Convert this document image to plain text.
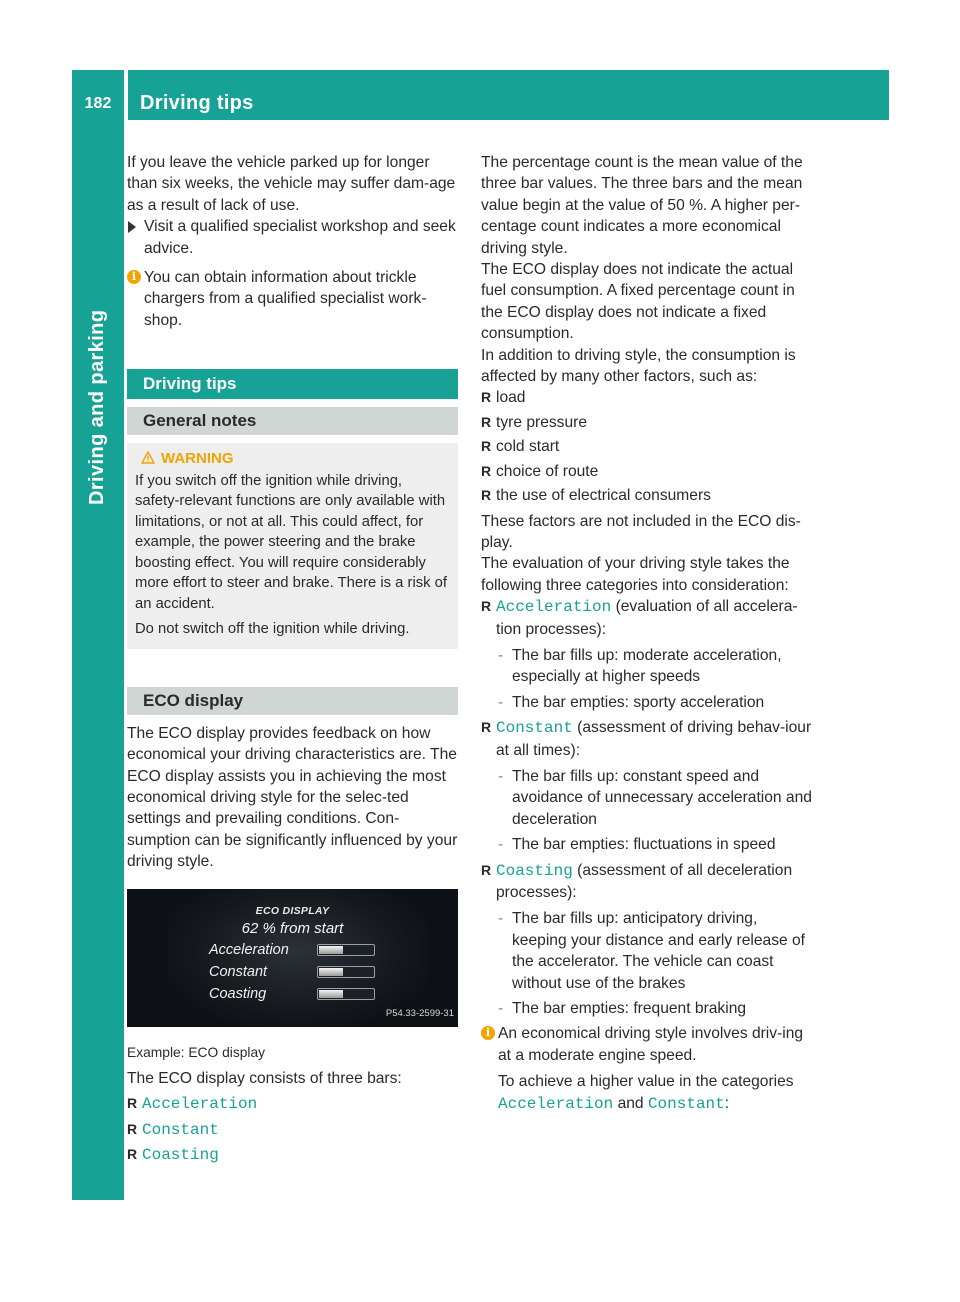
182	Driving tips
Driving and parking

If you leave the vehicle parked up for longer than six weeks, the vehicle may suffer dam-age as a result of lack of use.

Visit a qualified specialist workshop and seek advice.
i You can obtain information about trickle chargers from a qualified specialist work-shop.

Driving tips
General notes
WARNING

If you switch off the ignition while driving, safety-relevant functions are only available with limitations, or not at all. This could affect, for example, the power steering and the brake boosting effect. You will require considerably more effort to steer and brake. There is a risk of an accident.

Do not switch off the ignition while driving.

ECO display

The ECO display provides feedback on how economical your driving characteristics are. The ECO display assists you in achieving the most economical driving style for the selec-ted settings and prevailing conditions. Con-sumption can be significantly influenced by your driving style.

ECO DISPLAY
62 % from start
Acceleration
Constant
Coasting
P54.33-2599-31

Example: ECO display

The ECO display consists of three bars:

R Acceleration
R Constant
R Coasting

The percentage count is the mean value of the three bar values. The three bars and the mean value begin at the value of 50 %. A higher per-centage count indicates a more economical driving style.

The ECO display does not indicate the actual fuel consumption. A fixed percentage count in the ECO display does not indicate a fixed consumption.

In addition to driving style, the consumption is affected by many other factors, such as:

R load
R tyre pressure
R cold start
R choice of route
R the use of electrical consumers

These factors are not included in the ECO dis-play.

The evaluation of your driving style takes the following three categories into consideration:

R Acceleration (evaluation of all accelera-tion processes):
- The bar fills up: moderate acceleration, especially at higher speeds
- The bar empties: sporty acceleration
R Constant (assessment of driving behav-iour at all times):
- The bar fills up: constant speed and avoidance of unnecessary acceleration and deceleration
- The bar empties: fluctuations in speed
R Coasting (assessment of all deceleration processes):
- The bar fills up: anticipatory driving, keeping your distance and early release of the accelerator. The vehicle can coast without use of the brakes
- The bar empties: frequent braking
i An economical driving style involves driv-ing at a moderate engine speed.

To achieve a higher value in the categories Acceleration and Constant:
